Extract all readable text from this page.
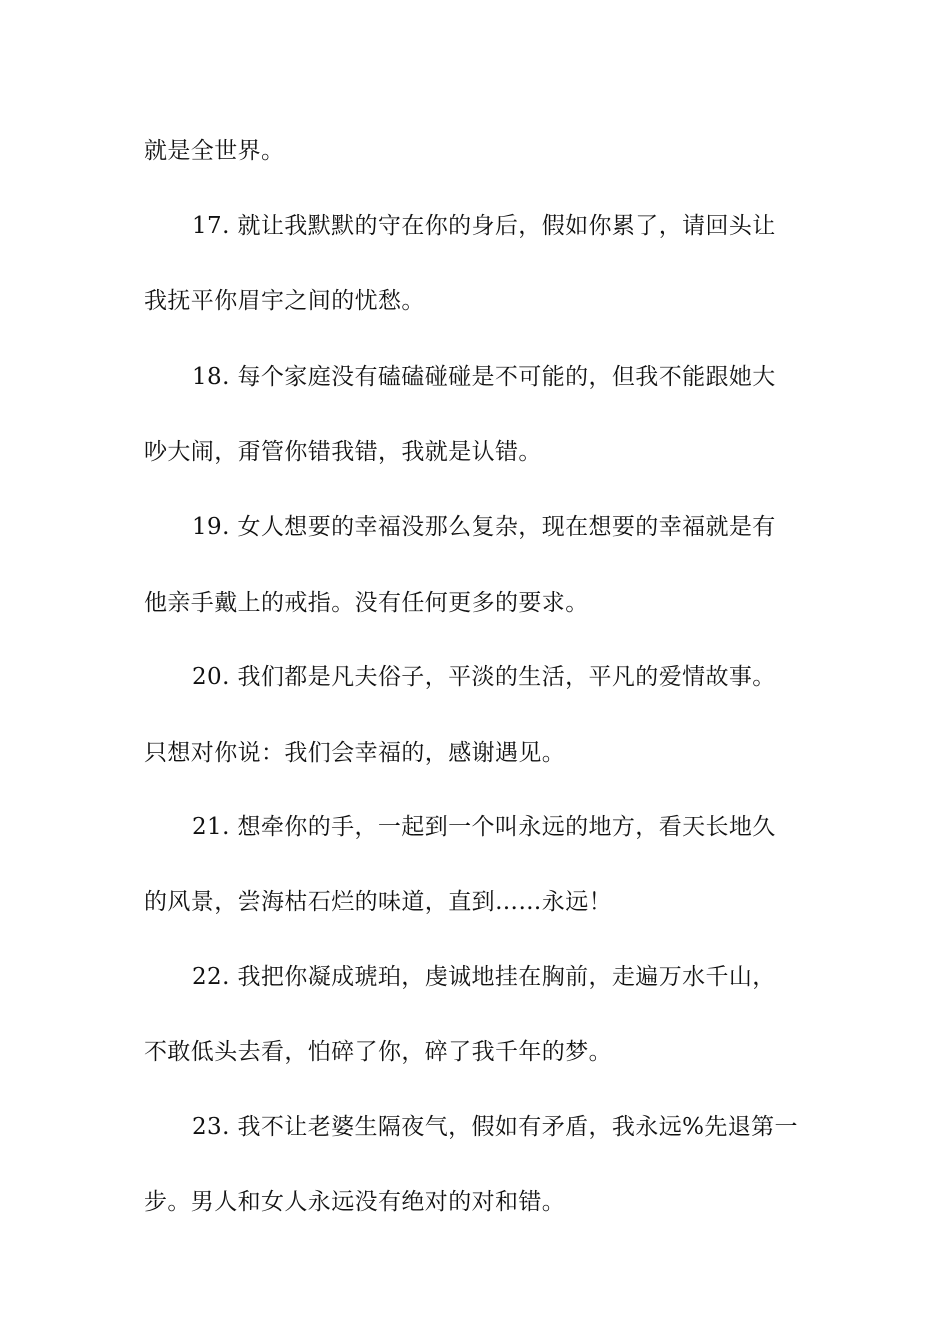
就是全世界。
17. 就让我默默的守在你的身后，假如你累了，请回头让
我抚平你眉宇之间的忧愁。
18. 每个家庭没有磕磕碰碰是不可能的，但我不能跟她大
吵大闹，甭管你错我错，我就是认错。
19. 女人想要的幸福没那么复杂，现在想要的幸福就是有
他亲手戴上的戒指。没有任何更多的要求。
20. 我们都是凡夫俗子，平淡的生活，平凡的爱情故事。
只想对你说：我们会幸福的，感谢遇见。
21. 想牵你的手，一起到一个叫永远的地方，看天长地久
的风景，尝海枯石烂的味道，直到……永远！
22. 我把你凝成琥珀，虔诚地挂在胸前，走遍万水千山，
不敢低头去看，怕碎了你，碎了我千年的梦。
23. 我不让老婆生隔夜气，假如有矛盾，我永远%先退第一
步。男人和女人永远没有绝对的对和错。
